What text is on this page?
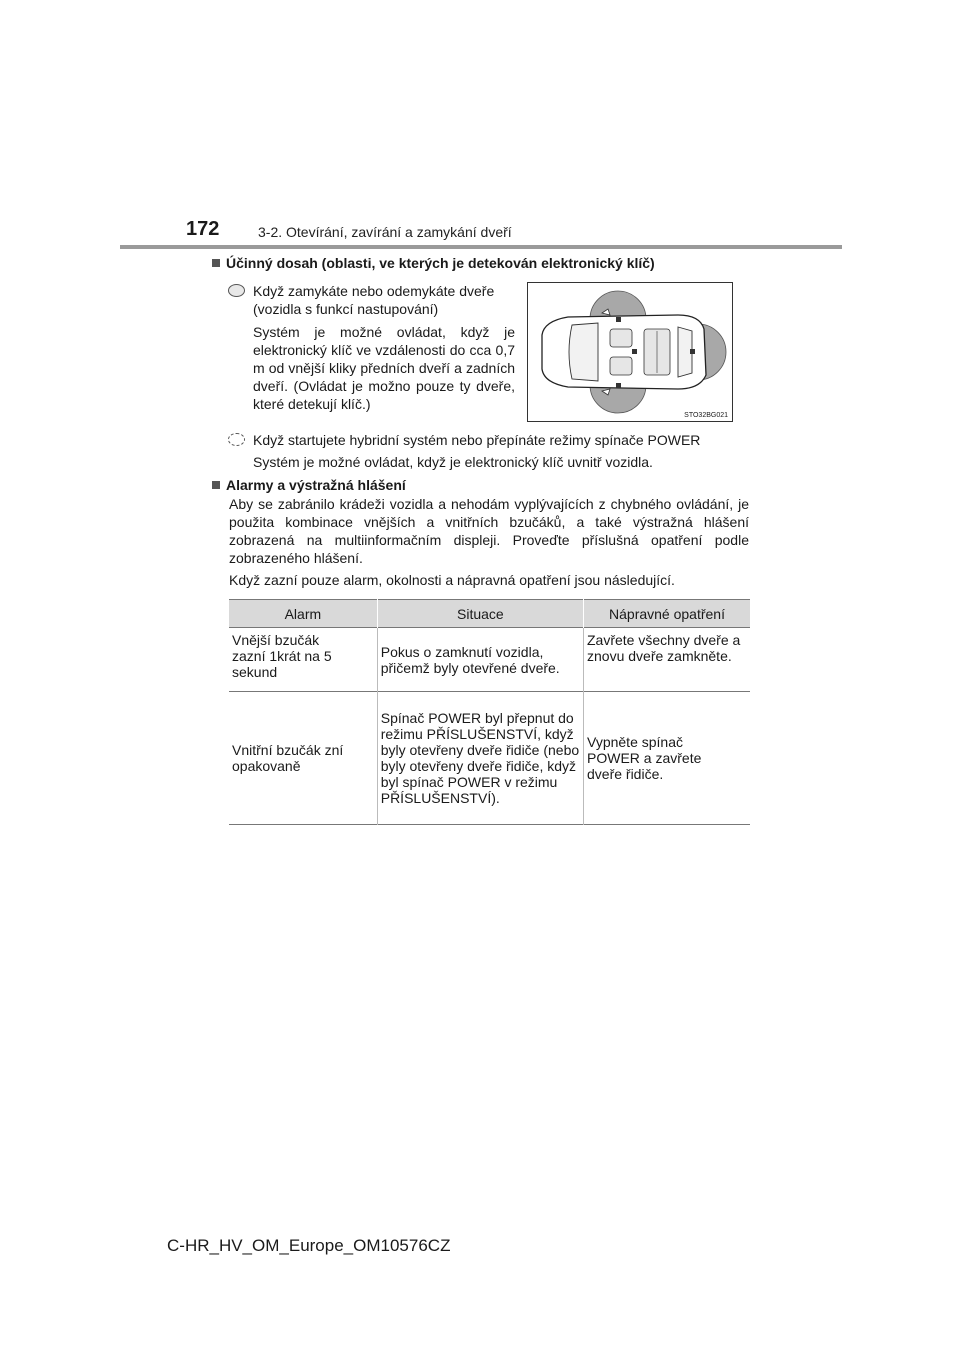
172	3-2. Otevírání, zavírání a zamykání dveří
Účinný dosah (oblasti, ve kterých je detekován elektronický klíč)
Když zamykáte nebo odemykáte dveře
(vozidla s funkcí nastupování)
Systém je možné ovládat, když je elektronický klíč ve vzdálenosti do cca 0,7 m od vnější kliky předních dveří a zadních dveří. (Ovládat je možno pouze ty dveře, které detekují klíč.)
STO32BG021
Když startujete hybridní systém nebo přepínáte režimy spínače POWER
Systém je možné ovládat, když je elektronický klíč uvnitř vozidla.
Alarmy a výstražná hlášení
Aby se zabránilo krádeži vozidla a nehodám vyplývajících z chybného ovládání, je použita kombinace vnějších a vnitřních bzučáků, a také výstražná hlášení zobrazená na multiinformačním displeji. Proveďte příslušná opatření podle zobrazeného hlášení.
Když zazní pouze alarm, okolnosti a nápravná opatření jsou následující.
Alarm	Situace	Nápravné opatření

Vnější bzučák zazní 1krát na 5 sekund	Pokus o zamknutí vozidla, přičemž byly otevřené dveře.	Zavřete všechny dveře a znovu dveře zamkněte.

Vnitřní bzučák zní opakovaně	Spínač POWER byl přepnut do režimu PŘÍSLUŠENSTVÍ, když byly otevřeny dveře řidiče (nebo byly otevřeny dveře řidiče, když byl spínač POWER v režimu PŘÍSLUŠENSTVÍ).	Vypněte spínač POWER a zavřete dveře řidiče.
C-HR_HV_OM_Europe_OM10576CZ
